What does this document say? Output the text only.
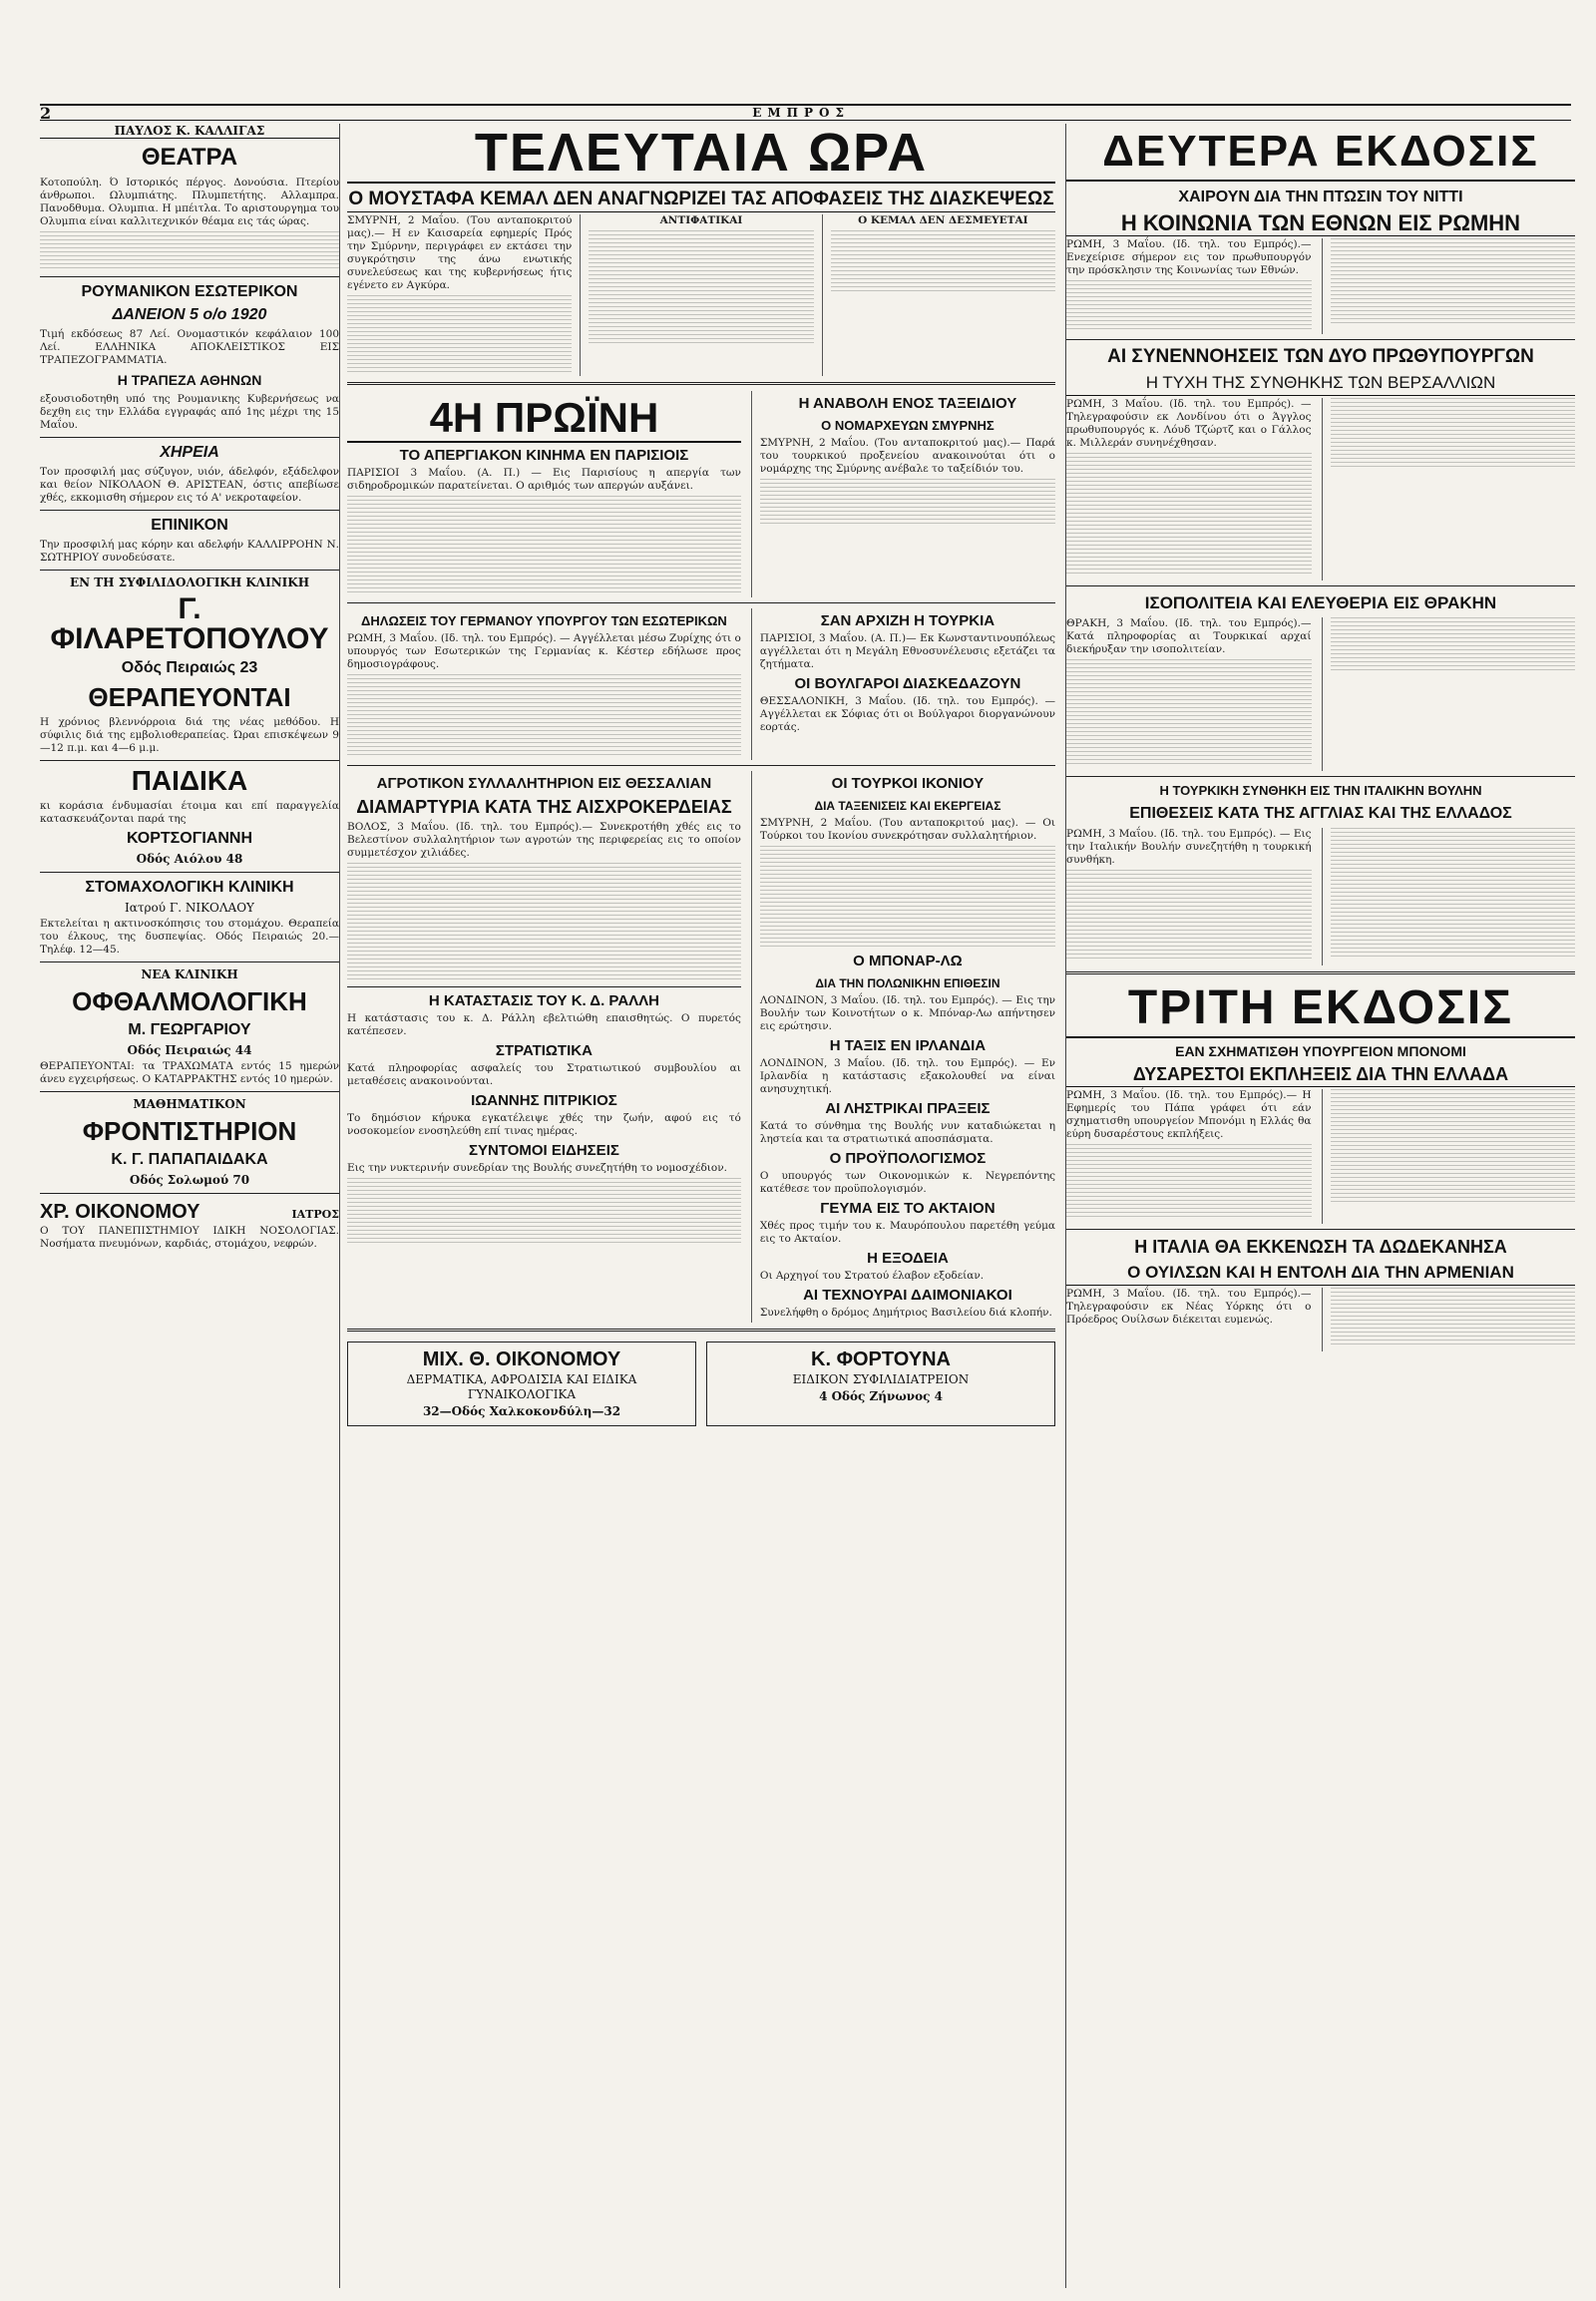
2	ΕΜΠΡΟΣ
ΠΑΥΛΟΣ Κ. ΚΑΛΛΙΓΑΣ
ΘΕΑΤΡΑ

Κοτοπούλη. Ό Ιστορικός πέργος. Δονούσια. Πτερίου άνθρωποι. Ωλυμπιάτης. Πλυμπετήτης. Αλλαμπρα. Πανοδθυμα. Ολυμπια. Η μπέιτλα. Το αριστουργημα του Ολυμπια είναι καλλιτεχνικόν θέαμα εις τάς ώρας.

ΡΟΥΜΑΝΙΚΟΝ ΕΣΩΤΕΡΙΚΟΝ
ΔΑΝΕΙΟΝ 5 ο/ο 1920

Τιμή εκδόσεως 87 Λεί. Ονομαστικόν κεφάλαιον 100 Λεί. ΕΛΛΗΝΙΚΑ ΑΠΟΚΛΕΙΣΤΙΚΟΣ ΕΙΣ ΤΡΑΠΕΖΟΓΡΑΜΜΑΤΙΑ.

Η ΤΡΑΠΕΖΑ ΑΘΗΝΩΝ

εξουσιοδοτηθη υπό της Ρουμανικης Κυβερνήσεως να δεχθη εις την Ελλάδα εγγραφάς από 1ης μέχρι της 15 Μαΐου.

ΧΗΡΕΙΑ

Τον προσφιλή μας σύζυγον, υιόν, άδελφόν, εξάδελφον και θείον ΝΙΚΟΛΑΟΝ Θ. ΑΡΙΣΤΕΑΝ, όστις απεβίωσε χθές, εκκομισθη σήμερον εις τό Α' νεκροταφείον.

ΕΠΙΝΙΚΟΝ

Την προσφιλή μας κόρην και αδελφήν ΚΑΛΛΙΡΡΟΗΝ Ν. ΣΩΤΗΡΙΟΥ συνοδεύσατε.

ΕΝ ΤΗ ΣΥΦΙΛΙΔΟΛΟΓΙΚΗ ΚΛΙΝΙΚΗ
Γ. ΦΙΛΑΡΕΤΟΠΟΥΛΟΥ
Οδός Πειραιώς 23
ΘΕΡΑΠΕΥΟΝΤΑΙ

Η χρόνιος βλεννόρροια διά της νέας μεθόδου. Η σύφιλις διά της εμβολιοθεραπείας. Ώραι επισκέψεων 9—12 π.μ. και 4—6 μ.μ.

ΠΑΙΔΙΚΑ

κι κοράσια ένδυμασίαι έτοιμα και επί παραγγελία κατασκευάζονται παρά της

ΚΟΡΤΣΟΓΙΑΝΝΗ
Οδός Αιόλου 48
ΣΤΟΜΑΧΟΛΟΓΙΚΗ ΚΛΙΝΙΚΗ
Ιατρού Γ. ΝΙΚΟΛΑΟΥ

Εκτελείται η ακτινοσκόπησις του στομάχου. Θεραπεία του έλκους, της δυσπεψίας. Οδός Πειραιώς 20.— Τηλέφ. 12—45.

ΝΕΑ ΚΛΙΝΙΚΗ
ΟΦΘΑΛΜΟΛΟΓΙΚΗ
Μ. ΓΕΩΡΓΑΡΙΟΥ
Οδός Πειραιώς 44

ΘΕΡΑΠΕΥΟΝΤΑΙ: τα ΤΡΑΧΩΜΑΤΑ εντός 15 ημερών άνευ εγχειρήσεως. Ο ΚΑΤΑΡΡΑΚΤΗΣ εντός 10 ημερών.

ΜΑΘΗΜΑΤΙΚΟΝ
ΦΡΟΝΤΙΣΤΗΡΙΟΝ
Κ. Γ. ΠΑΠΑΠΑΙΔΑΚΑ
Οδός Σολωμού 70
ΧΡ. ΟΙΚΟΝΟΜΟΥ	ΙΑΤΡΟΣ

Ο ΤΟΥ ΠΑΝΕΠΙΣΤΗΜΙΟΥ ΙΔΙΚΗ ΝΟΣΟΛΟΓΙΑΣ. Νοσήματα πνευμόνων, καρδιάς, στομάχου, νεφρών.

ΤΕΛΕΥΤΑΙΑ ΩΡΑ
Ο ΜΟΥΣΤΑΦΑ ΚΕΜΑΛ ΔΕΝ ΑΝΑΓΝΩΡΙΖΕΙ ΤΑΣ ΑΠΟΦΑΣΕΙΣ ΤΗΣ ΔΙΑΣΚΕΨΕΩΣ

ΣΜΥΡΝΗ, 2 Μαΐου. (Του ανταποκριτού μας).— Η εν Καισαρεία εφημερίς Πρός την Σμύρνην, περιγράφει εν εκτάσει την συγκρότησιν της άνω ενωτικής συνελεύσεως και της κυβερνήσεως ήτις εγένετο εν Αγκύρα.

ΑΝΤΙΦΑΤΙΚΑΙ	Ο ΚΕΜΑΛ ΔΕΝ ΔΕΣΜΕΥΕΤΑΙ

4Η ΠΡΩΪΝΗ
ΤΟ ΑΠΕΡΓΙΑΚΟΝ ΚΙΝΗΜΑ ΕΝ ΠΑΡΙΣΙΟΙΣ

ΠΑΡΙΣΙΟΙ 3 Μαΐου. (Α. Π.) — Εις Παρισίους η απεργία των σιδηροδρομικών παρατείνεται. Ο αριθμός των απεργών αυξάνει.

Η ΑΝΑΒΟΛΗ ΕΝΟΣ ΤΑΞΕΙΔΙΟΥ
Ο ΝΟΜΑΡΧΕΥΩΝ ΣΜΥΡΝΗΣ

ΣΜΥΡΝΗ, 2 Μαΐου. (Του ανταποκριτού μας).— Παρά του τουρκικού προξενείου ανακοινούται ότι ο νομάρχης της Σμύρνης ανέβαλε το ταξείδιόν του.

ΔΗΛΩΣΕΙΣ ΤΟΥ ΓΕΡΜΑΝΟΥ ΥΠΟΥΡΓΟΥ ΤΩΝ ΕΣΩΤΕΡΙΚΩΝ

ΡΩΜΗ, 3 Μαΐου. (Ιδ. τηλ. του Εμπρός). — Αγγέλλεται μέσω Ζυρίχης ότι ο υπουργός των Εσωτερικών της Γερμανίας κ. Κέστερ εδήλωσε προς δημοσιογράφους.

ΣΑΝ ΑΡΧΙΖΗ Η ΤΟΥΡΚΙΑ

ΠΑΡΙΣΙΟΙ, 3 Μαΐου. (Α. Π.)— Εκ Κωνσταντινουπόλεως αγγέλλεται ότι η Μεγάλη Εθνοσυνέλευσις εξετάζει τα ζητήματα.

ΟΙ ΒΟΥΛΓΑΡΟΙ ΔΙΑΣΚΕΔΑΖΟΥΝ

ΘΕΣΣΑΛΟΝΙΚΗ, 3 Μαΐου. (Ιδ. τηλ. του Εμπρός). — Αγγέλλεται εκ Σόφιας ότι οι Βούλγαροι διοργανώνουν εορτάς.

ΑΓΡΟΤΙΚΟΝ ΣΥΛΛΑΛΗΤΗΡΙΟΝ ΕΙΣ ΘΕΣΣΑΛΙΑΝ
ΔΙΑΜΑΡΤΥΡΙΑ ΚΑΤΑ ΤΗΣ ΑΙΣΧΡΟΚΕΡΔΕΙΑΣ

ΒΟΛΟΣ, 3 Μαΐου. (Ιδ. τηλ. του Εμπρός).— Συνεκροτήθη χθές εις το Βελεστίνον συλλαλητήριον των αγροτών της περιφερείας εις το οποίον συμμετέσχον χιλιάδες.

Η ΚΑΤΑΣΤΑΣΙΣ ΤΟΥ Κ. Δ. ΡΑΛΛΗ

Η κατάστασις του κ. Δ. Ράλλη εβελτιώθη επαισθητώς. Ο πυρετός κατέπεσεν.

ΣΤΡΑΤΙΩΤΙΚΑ

Κατά πληροφορίας ασφαλείς του Στρατιωτικού συμβουλίου αι μεταθέσεις ανακοινούνται.

ΙΩΑΝΝΗΣ ΠΙΤΡΙΚΙΟΣ

Το δημόσιον κήρυκα εγκατέλειψε χθές την ζωήν, αφού εις τό νοσοκομείον ενοσηλεύθη επί τινας ημέρας.

ΣΥΝΤΟΜΟΙ ΕΙΔΗΣΕΙΣ

Εις την νυκτερινήν συνεδρίαν της Βουλής συνεζητήθη το νομοσχέδιον.

ΟΙ ΤΟΥΡΚΟΙ ΙΚΟΝΙΟΥ
ΔΙΑ ΤΑΞΕΝΙΣΕΙΣ ΚΑΙ ΕΚΕΡΓΕΙΑΣ

ΣΜΥΡΝΗ, 2 Μαΐου. (Του ανταποκριτού μας). — Οι Τούρκοι του Ικονίου συνεκρότησαν συλλαλητήριον.

Ο ΜΠΟΝΑΡ-ΛΩ
ΔΙΑ ΤΗΝ ΠΟΛΩΝΙΚΗΝ ΕΠΙΘΕΣΙΝ

ΛΟΝΔΙΝΟΝ, 3 Μαΐου. (Ιδ. τηλ. του Εμπρός). — Εις την Βουλήν των Κοινοτήτων ο κ. Μπόναρ-Λω απήντησεν εις ερώτησιν.

Η ΤΑΞΙΣ ΕΝ ΙΡΛΑΝΔΙΑ

ΛΟΝΔΙΝΟΝ, 3 Μαΐου. (Ιδ. τηλ. του Εμπρός). — Εν Ιρλανδία η κατάστασις εξακολουθεί να είναι ανησυχητική.

ΑΙ ΛΗΣΤΡΙΚΑΙ ΠΡΑΞΕΙΣ

Κατά το σύνθημα της Βουλής νυν καταδιώκεται η ληστεία και τα στρατιωτικά αποσπάσματα.

Ο ΠΡΟΫΠΟΛΟΓΙΣΜΟΣ

Ο υπουργός των Οικονομικών κ. Νεγρεπόντης κατέθεσε τον προϋπολογισμόν.

ΓΕΥΜΑ ΕΙΣ ΤΟ ΑΚΤΑΙΟΝ

Χθές προς τιμήν του κ. Μαυρόπουλου παρετέθη γεύμα εις το Ακταίον.

Η ΕΞΟΔΕΙΑ

Οι Αρχηγοί του Στρατού έλαβον εξοδείαν.

ΑΙ ΤΕΧΝΟΥΡΑΙ ΔΑΙΜΟΝΙΑΚΟΙ

Συνελήφθη ο δρόμος Δημήτριος Βασιλείου διά κλοπήν.

ΜΙΧ. Θ. ΟΙΚΟΝΟΜΟΥ
ΔΕΡΜΑΤΙΚΑ, ΑΦΡΟΔΙΣΙΑ ΚΑΙ ΕΙΔΙΚΑ ΓΥΝΑΙΚΟΛΟΓΙΚΑ
32—Οδός Χαλκοκονδύλη—32
Κ. ΦΟΡΤΟΥΝΑ
ΕΙΔΙΚΟΝ ΣΥΦΙΛΙΔΙΑΤΡΕΙΟΝ
4 Οδός Ζήνωνος 4
ΔΕΥΤΕΡΑ ΕΚΔΟΣΙΣ
ΧΑΙΡΟΥΝ ΔΙΑ ΤΗΝ ΠΤΩΣΙΝ ΤΟΥ ΝΙΤΤΙ
Η ΚΟΙΝΩΝΙΑ ΤΩΝ ΕΘΝΩΝ ΕΙΣ ΡΩΜΗΝ

ΡΩΜΗ, 3 Μαΐου. (Ιδ. τηλ. του Εμπρός).— Ενεχείρισε σήμερον εις τον πρωθυπουργόν την πρόσκλησιν της Κοινωνίας των Εθνών.

ΑΙ ΣΥΝΕΝΝΟΗΣΕΙΣ ΤΩΝ ΔΥΟ ΠΡΩΘΥΠΟΥΡΓΩΝ
Η ΤΥΧΗ ΤΗΣ ΣΥΝΘΗΚΗΣ ΤΩΝ ΒΕΡΣΑΛΛΙΩΝ

ΡΩΜΗ, 3 Μαΐου. (Ιδ. τηλ. του Εμπρός). — Τηλεγραφούσιν εκ Λονδίνου ότι ο Άγγλος πρωθυπουργός κ. Λόυδ Τζώρτζ και ο Γάλλος κ. Μιλλεράν συνηνέχθησαν.

ΙΣΟΠΟΛΙΤΕΙΑ ΚΑΙ ΕΛΕΥΘΕΡΙΑ ΕΙΣ ΘΡΑΚΗΝ

ΘΡΑΚΗ, 3 Μαΐου. (Ιδ. τηλ. του Εμπρός).— Κατά πληροφορίας αι Τουρκικαί αρχαί διεκήρυξαν την ισοπολιτείαν.

Η ΤΟΥΡΚΙΚΗ ΣΥΝΘΗΚΗ ΕΙΣ ΤΗΝ ΙΤΑΛΙΚΗΝ ΒΟΥΛΗΝ
ΕΠΙΘΕΣΕΙΣ ΚΑΤΑ ΤΗΣ ΑΓΓΛΙΑΣ ΚΑΙ ΤΗΣ ΕΛΛΑΔΟΣ

ΡΩΜΗ, 3 Μαΐου. (Ιδ. τηλ. του Εμπρός). — Εις την Ιταλικήν Βουλήν συνεζητήθη η τουρκική συνθήκη.

ΤΡΙΤΗ ΕΚΔΟΣΙΣ
ΕΑΝ ΣΧΗΜΑΤΙΣΘΗ ΥΠΟΥΡΓΕΙΟΝ ΜΠΟΝΟΜΙ
ΔΥΣΑΡΕΣΤΟΙ ΕΚΠΛΗΞΕΙΣ ΔΙΑ ΤΗΝ ΕΛΛΑΔΑ

ΡΩΜΗ, 3 Μαΐου. (Ιδ. τηλ. του Εμπρός).— Η Εφημερίς του Πάπα γράφει ότι εάν σχηματισθη υπουργείον Μπονόμι η Ελλάς θα εύρη δυσαρέστους εκπλήξεις.

Η ΙΤΑΛΙΑ ΘΑ ΕΚΚΕΝΩΣΗ ΤΑ ΔΩΔΕΚΑΝΗΣΑ
Ο ΟΥΙΛΣΩΝ ΚΑΙ Η ΕΝΤΟΛΗ ΔΙΑ ΤΗΝ ΑΡΜΕΝΙΑΝ

ΡΩΜΗ, 3 Μαΐου. (Ιδ. τηλ. του Εμπρός).— Τηλεγραφούσιν εκ Νέας Υόρκης ότι ο Πρόεδρος Ουίλσων διέκειται ευμενώς.
